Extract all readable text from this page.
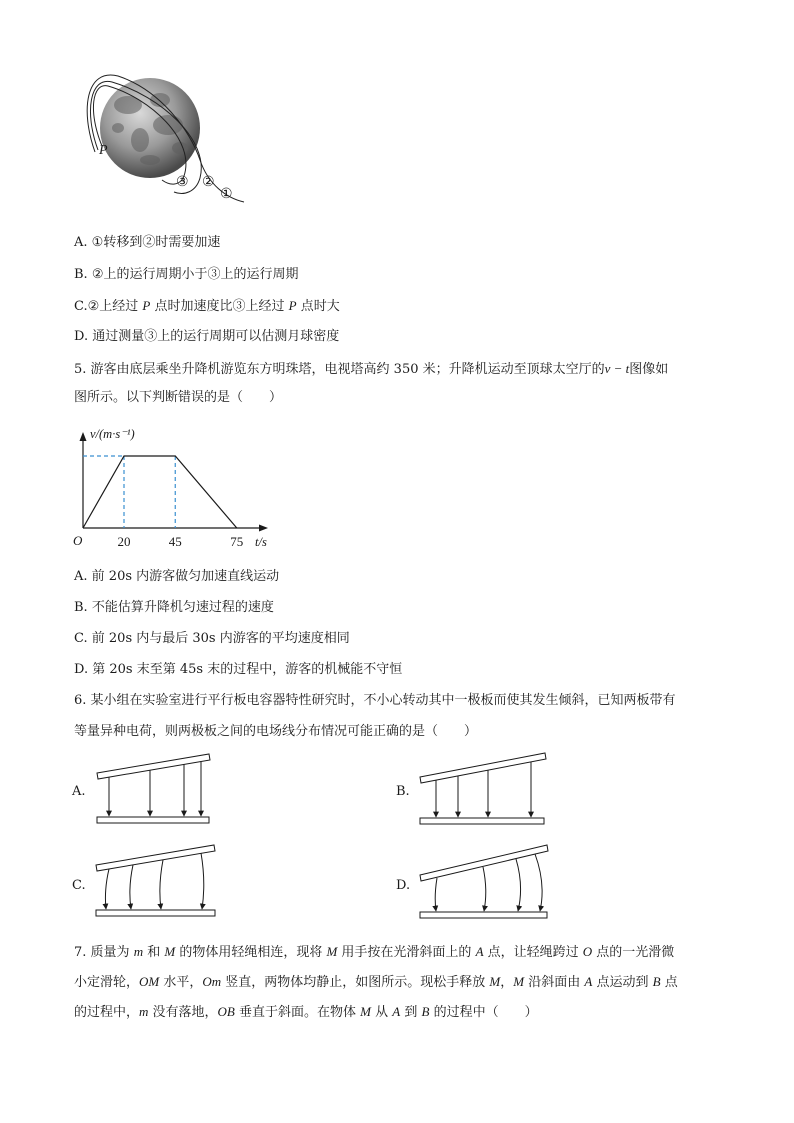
P
③ ②
①
A. ①转移到②时需要加速
B. ②上的运行周期小于③上的运行周期
C.②上经过 P 点时加速度比③上经过 P 点时大
D. 通过测量③上的运行周期可以估测月球密度
5. 游客由底层乘坐升降机游览东方明珠塔，电视塔高约 350 米；升降机运动至顶球太空厅的v − t图像如
图所示。以下判断错误的是（　　）
v/(m·s⁻¹)
t/s
O	20	45	75
A. 前 20s 内游客做匀加速直线运动
B. 不能估算升降机匀速过程的速度
C. 前 20s 内与最后 30s 内游客的平均速度相同
D. 第 20s 末至第 45s 末的过程中，游客的机械能不守恒
6. 某小组在实验室进行平行板电容器特性研究时，不小心转动其中一极板而使其发生倾斜，已知两板带有
等量异种电荷，则两极板之间的电场线分布情况可能正确的是（　　）
A.	B.
C.	D.
7. 质量为 m 和 M 的物体用轻绳相连，现将 M 用手按在光滑斜面上的 A 点，让轻绳跨过 O 点的一光滑微
小定滑轮，OM 水平，Om 竖直，两物体均静止，如图所示。现松手释放 M，M 沿斜面由 A 点运动到 B 点
的过程中，m 没有落地，OB 垂直于斜面。在物体 M 从 A 到 B 的过程中（　　）
